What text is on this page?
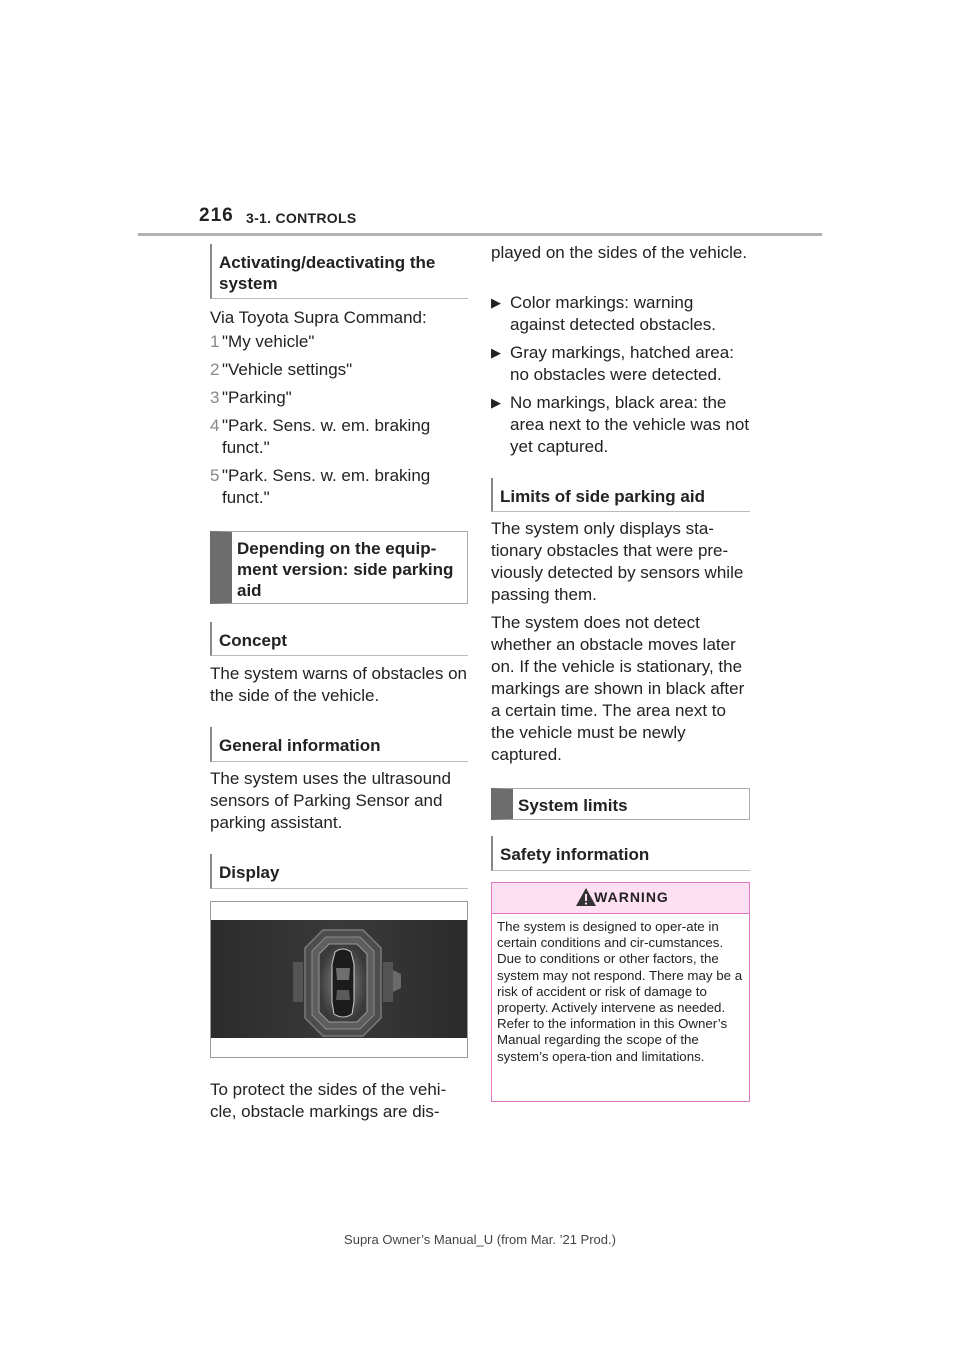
216 3-1. CONTROLS
Activating/deactivating the system
Via Toyota Supra Command:
1 "My vehicle"
2 "Vehicle settings"
3 "Parking"
4 "Park. Sens. w. em. braking funct."
5 "Park. Sens. w. em. braking funct."
Depending on the equip-ment version: side parking aid
Concept
The system warns of obstacles on the side of the vehicle.
General information
The system uses the ultrasound sensors of Parking Sensor and parking assistant.
Display
To protect the sides of the vehi-cle, obstacle markings are dis-
played on the sides of the vehicle.
▶ Color markings: warning against detected obstacles.
▶ Gray markings, hatched area: no obstacles were detected.
▶ No markings, black area: the area next to the vehicle was not yet captured.
Limits of side parking aid
The system only displays sta-tionary obstacles that were pre-viously detected by sensors while passing them.
The system does not detect whether an obstacle moves later on. If the vehicle is stationary, the markings are shown in black after a certain time. The area next to the vehicle must be newly captured.
System limits
Safety information
WARNING
The system is designed to oper-ate in certain conditions and cir-cumstances. Due to conditions or other factors, the system may not respond. There may be a risk of accident or risk of damage to property. Actively intervene as needed. Refer to the information in this Owner’s Manual regarding the scope of the system’s opera-tion and limitations.
Supra Owner’s Manual_U (from Mar. ’21 Prod.)
